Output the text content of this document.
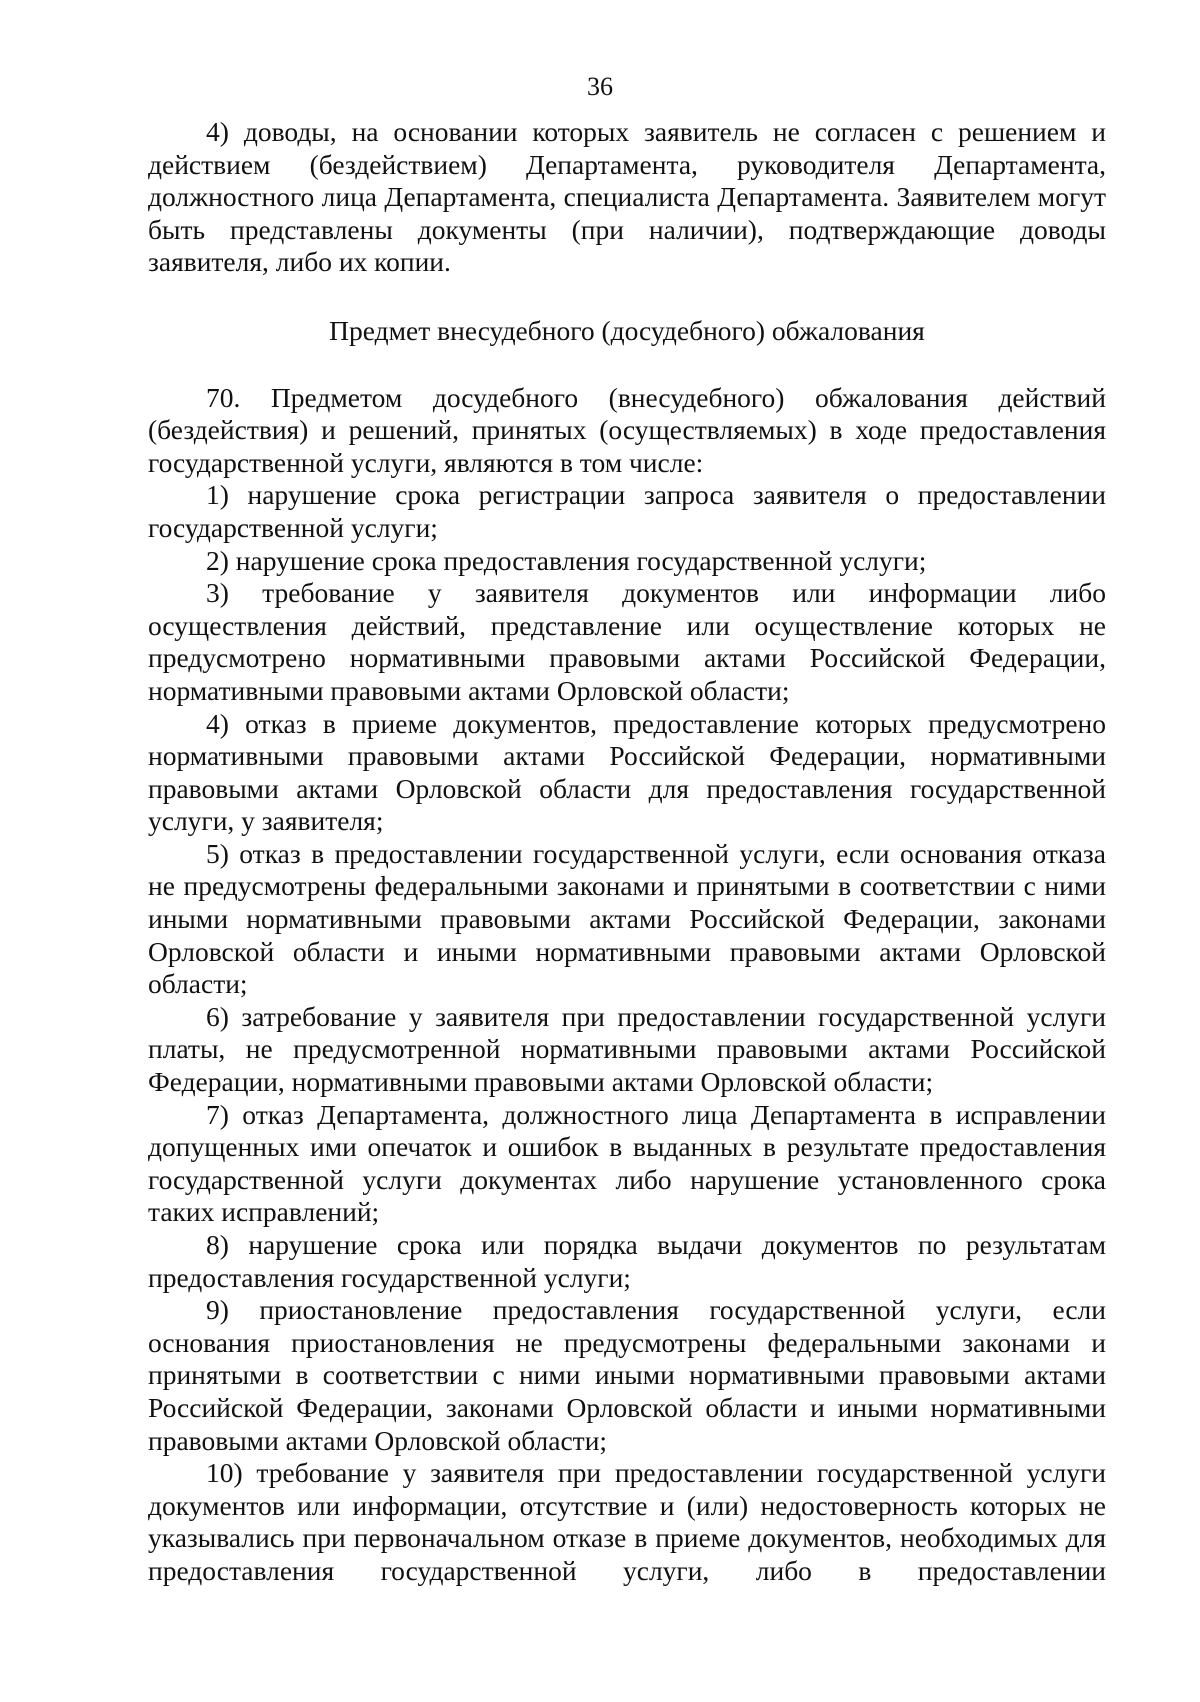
36

4) доводы, на основании которых заявитель не согласен с решением и действием (бездействием) Департамента, руководителя Департамента, должностного лица Департамента, специалиста Департамента. Заявителем могут быть представлены документы (при наличии), подтверждающие доводы заявителя, либо их копии.

Предмет внесудебного (досудебного) обжалования

70. Предметом досудебного (внесудебного) обжалования действий (бездействия) и решений, принятых (осуществляемых) в ходе предоставления государственной услуги, являются в том числе:

1) нарушение срока регистрации запроса заявителя о предоставлении государственной услуги;

2) нарушение срока предоставления государственной услуги;

3) требование у заявителя документов или информации либо осуществления действий, представление или осуществление которых не предусмотрено нормативными правовыми актами Российской Федерации, нормативными правовыми актами Орловской области;

4) отказ в приеме документов, предоставление которых предусмотрено нормативными правовыми актами Российской Федерации, нормативными правовыми актами Орловской области для предоставления государственной услуги, у заявителя;

5) отказ в предоставлении государственной услуги, если основания отказа не предусмотрены федеральными законами и принятыми в соответствии с ними иными нормативными правовыми актами Российской Федерации, законами Орловской области и иными нормативными правовыми актами Орловской области;

6) затребование у заявителя при предоставлении государственной услуги платы, не предусмотренной нормативными правовыми актами Российской Федерации, нормативными правовыми актами Орловской области;

7) отказ Департамента, должностного лица Департамента в исправлении допущенных ими опечаток и ошибок в выданных в результате предоставления государственной услуги документах либо нарушение установленного срока таких исправлений;

8) нарушение срока или порядка выдачи документов по результатам предоставления государственной услуги;

9) приостановление предоставления государственной услуги, если основания приостановления не предусмотрены федеральными законами и принятыми в соответствии с ними иными нормативными правовыми актами Российской Федерации, законами Орловской области и иными нормативными правовыми актами Орловской области;

10) требование у заявителя при предоставлении государственной услуги документов или информации, отсутствие и (или) недостоверность которых не указывались при первоначальном отказе в приеме документов, необходимых для предоставления государственной услуги, либо в предоставлении
